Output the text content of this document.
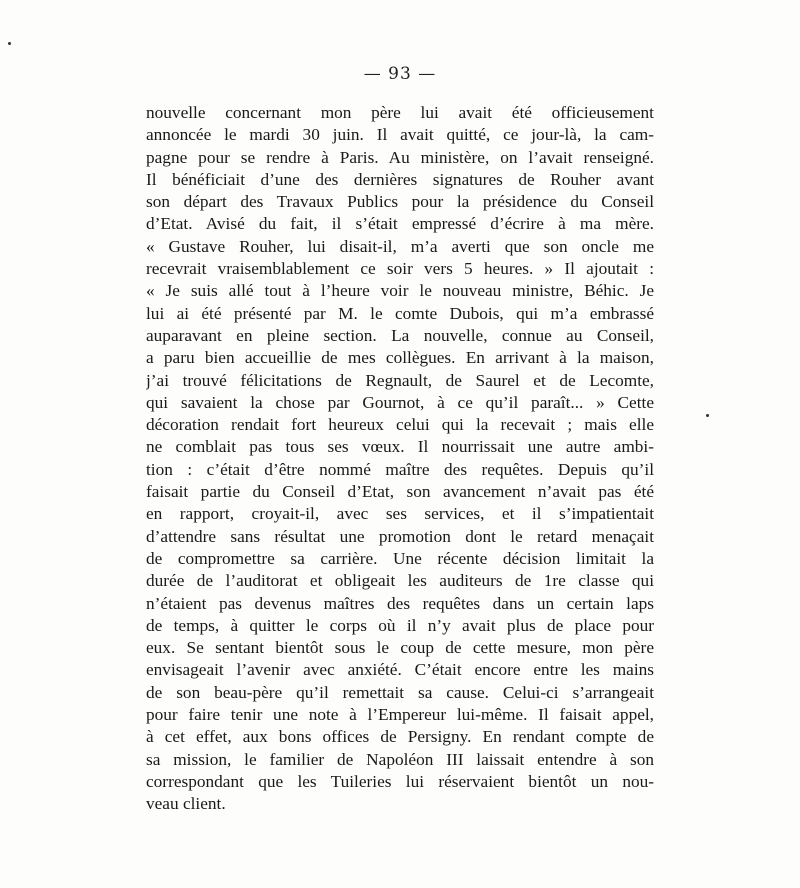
— 93 —
nouvelle concernant mon père lui avait été officieusement
annoncée le mardi 30 juin. Il avait quitté, ce jour-là, la cam-
pagne pour se rendre à Paris. Au ministère, on l’avait renseigné.
Il bénéficiait d’une des dernières signatures de Rouher avant
son départ des Travaux Publics pour la présidence du Conseil
d’Etat. Avisé du fait, il s’était empressé d’écrire à ma mère.
« Gustave Rouher, lui disait-il, m’a averti que son oncle me
recevrait vraisemblablement ce soir vers 5 heures. » Il ajoutait :
« Je suis allé tout à l’heure voir le nouveau ministre, Béhic. Je
lui ai été présenté par M. le comte Dubois, qui m’a embrassé
auparavant en pleine section. La nouvelle, connue au Conseil,
a paru bien accueillie de mes collègues. En arrivant à la maison,
j’ai trouvé félicitations de Regnault, de Saurel et de Lecomte,
qui savaient la chose par Gournot, à ce qu’il paraît... » Cette
décoration rendait fort heureux celui qui la recevait ; mais elle
ne comblait pas tous ses vœux. Il nourrissait une autre ambi-
tion : c’était d’être nommé maître des requêtes. Depuis qu’il
faisait partie du Conseil d’Etat, son avancement n’avait pas été
en rapport, croyait-il, avec ses services, et il s’impatientait
d’attendre sans résultat une promotion dont le retard menaçait
de compromettre sa carrière. Une récente décision limitait la
durée de l’auditorat et obligeait les auditeurs de 1re classe qui
n’étaient pas devenus maîtres des requêtes dans un certain laps
de temps, à quitter le corps où il n’y avait plus de place pour
eux. Se sentant bientôt sous le coup de cette mesure, mon père
envisageait l’avenir avec anxiété. C’était encore entre les mains
de son beau-père qu’il remettait sa cause. Celui-ci s’arrangeait
pour faire tenir une note à l’Empereur lui-même. Il faisait appel,
à cet effet, aux bons offices de Persigny. En rendant compte de
sa mission, le familier de Napoléon III laissait entendre à son
correspondant que les Tuileries lui réservaient bientôt un nou-
veau client.
